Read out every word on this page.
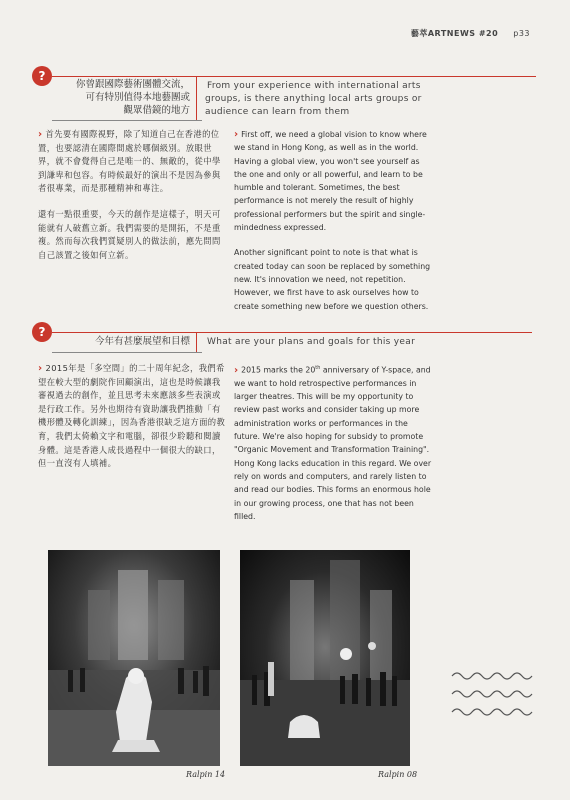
藝萃ARTNEWS #20 p33
?
你曾跟國際藝術團體交流，
可有特別值得本地藝團或
觀眾借鏡的地方
From your experience with international arts
groups, is there anything local arts groups or
audience can learn from them

› 首先要有國際視野，除了知道自己在香港的位置，也要認清在國際間處於哪個級別。放眼世界，就不會覺得自己是唯一的、無敵的，從中學到謙卑和包容。有時候最好的演出不是因為參與者很專業，而是那種精神和專注。

還有一點很重要，今天的創作是這樣子，明天可能就有人破舊立新。我們需要的是開拓，不是重複。然而每次我們質疑別人的做法前，應先問問自己該置之後如何立新。

› First off, we need a global vision to know where we stand in Hong Kong, as well as in the world. Having a global view, you won't see yourself as the one and only or all powerful, and learn to be humble and tolerant. Sometimes, the best performance is not merely the result of highly professional performers but the spirit and single-mindedness expressed.

Another significant point to note is that what is created today can soon be replaced by something new. It's innovation we need, not repetition. However, we first have to ask ourselves how to create something new before we question others.

?
今年有甚麼展望和目標 What are your plans and goals for this year

› 2015年是「多空間」的二十周年紀念，我們希望在較大型的劇院作回顧演出，這也是時候讓我審視過去的創作，並且思考未來應該多些表演或是行政工作。另外也期待有資助讓我們推動「有機形體及轉化訓練」，因為香港很缺乏這方面的教育，我們太倚賴文字和電腦，卻很少聆聽和閱讀身體。這是香港人成長過程中一個很大的缺口，但一直沒有人填補。

› 2015 marks the 20th anniversary of Y-space, and we want to hold retrospective performances in larger theatres. This will be my opportunity to review past works and consider taking up more administration works or performances in the future. We're also hoping for subsidy to promote "Organic Movement and Transformation Training". Hong Kong lacks education in this regard. We over rely on words and computers, and rarely listen to and read our bodies. This forms an enormous hole in our growing process, one that has not been filled.

Ralpin 14	Ralpin 08
